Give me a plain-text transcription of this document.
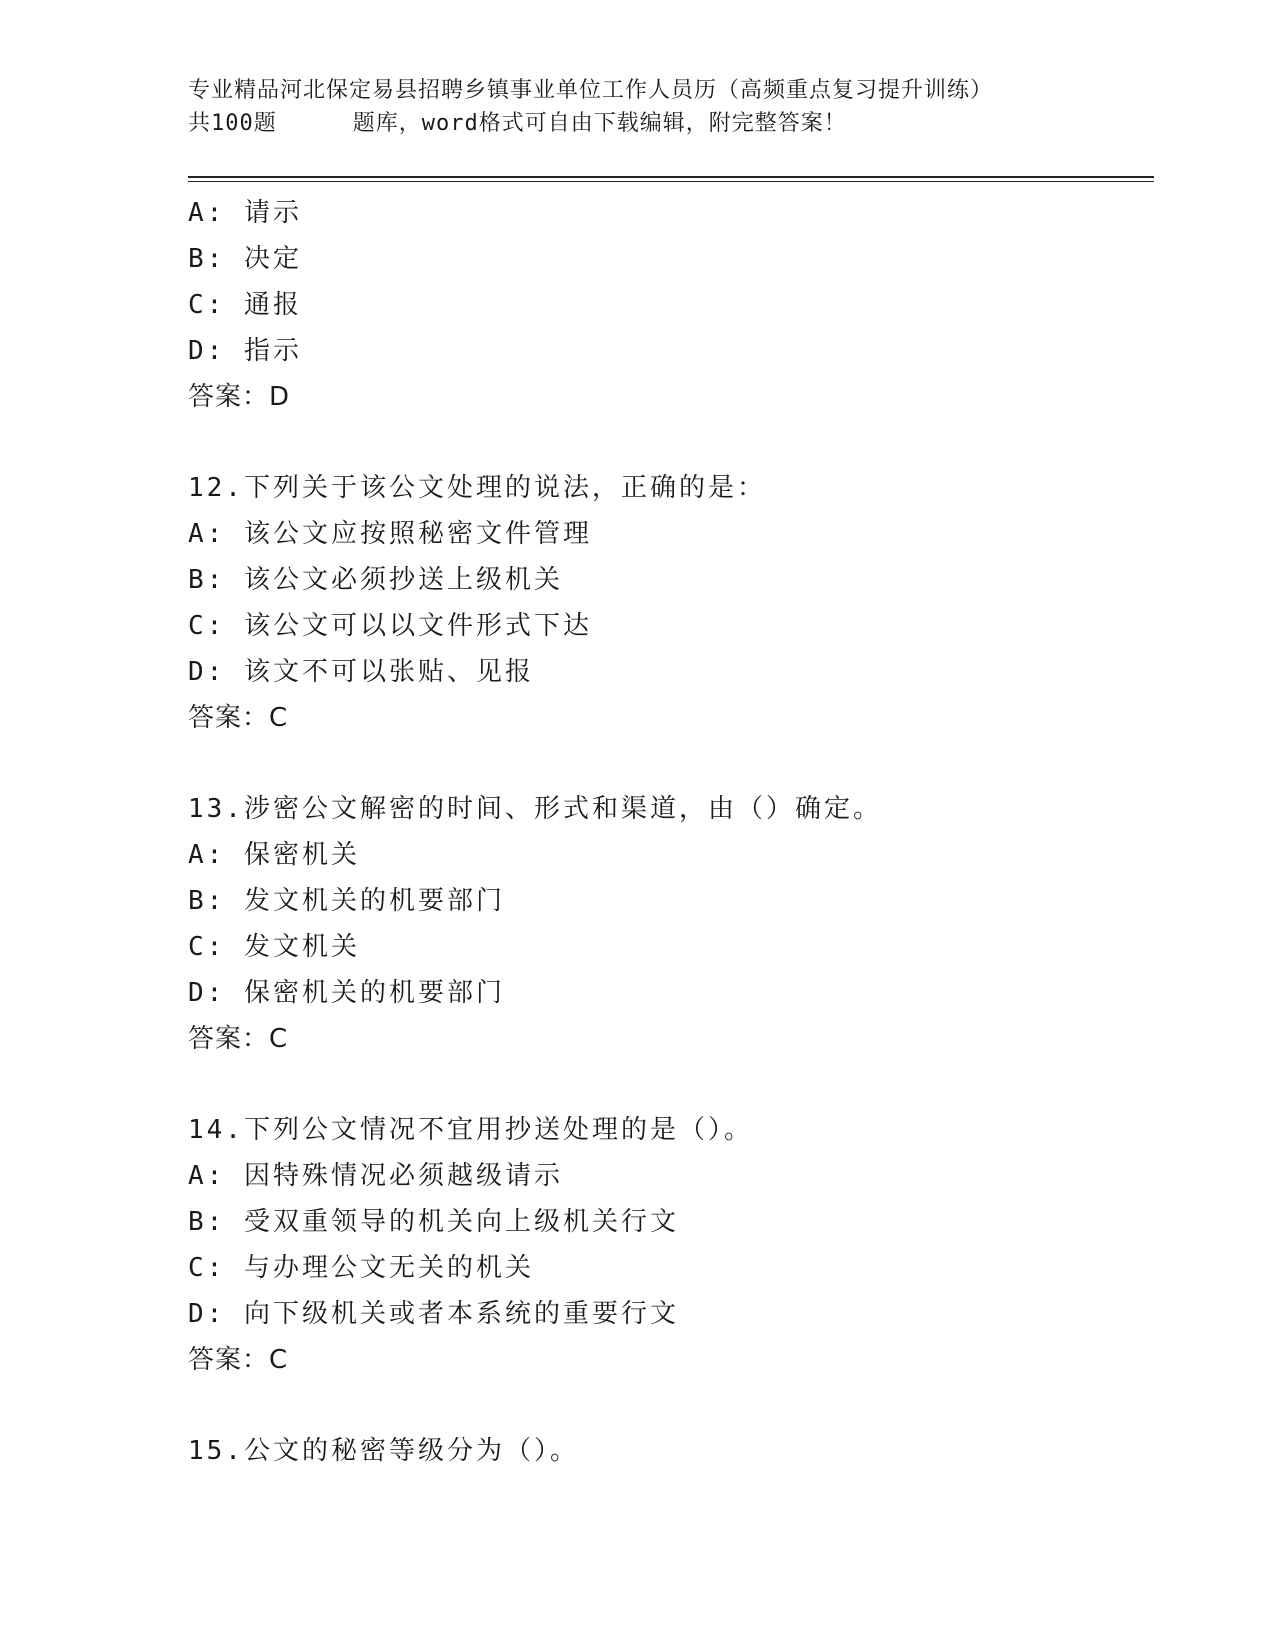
专业精品河北保定易县招聘乡镇事业单位工作人员历（高频重点复习提升训练）
共100题	题库，word格式可自由下载编辑，附完整答案！
A: 请示
B: 决定
C: 通报
D: 指示
答案：D
12.下列关于该公文处理的说法，正确的是：
A: 该公文应按照秘密文件管理
B: 该公文必须抄送上级机关
C: 该公文可以以文件形式下达
D: 该文不可以张贴、见报
答案：C
13.涉密公文解密的时间、形式和渠道，由（）确定。
A: 保密机关
B: 发文机关的机要部门
C: 发文机关
D: 保密机关的机要部门
答案：C
14.下列公文情况不宜用抄送处理的是（）。
A: 因特殊情况必须越级请示
B: 受双重领导的机关向上级机关行文
C: 与办理公文无关的机关
D: 向下级机关或者本系统的重要行文
答案：C
15.公文的秘密等级分为（）。
